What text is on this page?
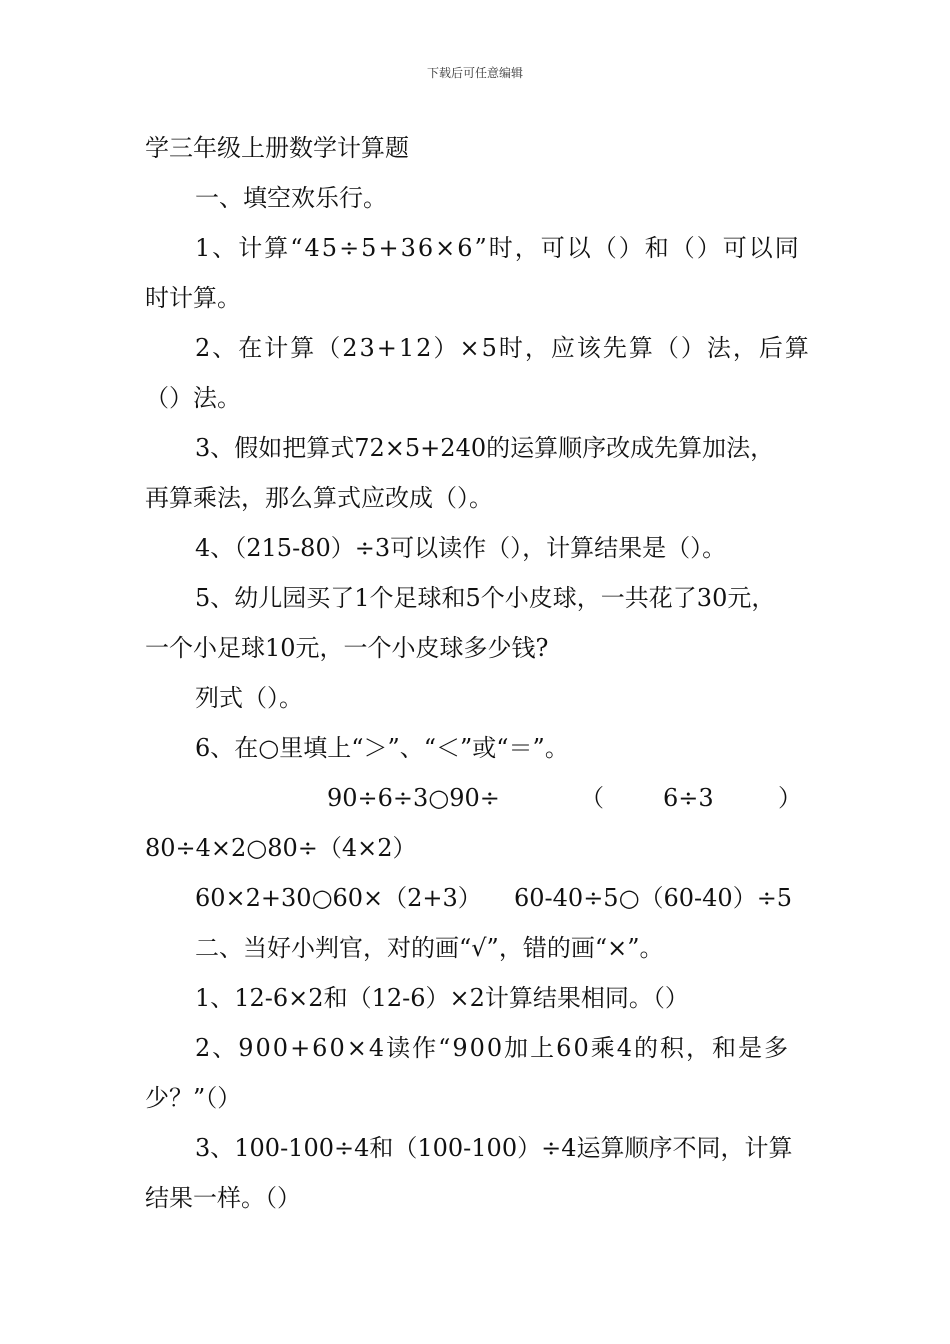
下载后可任意编辑
学三年级上册数学计算题
一、填空欢乐行。
1、计算“45÷5+36×6”时，可以（）和（）可以同
时计算。
2、在计算（23+12）×5时，应该先算（）法，后算
（）法。
3、假如把算式72×5+240的运算顺序改成先算加法，
再算乘法，那么算式应改成（）。
4、（215-80）÷3可以读作（），计算结果是（）。
5、幼儿园买了1个足球和5个小皮球，一共花了30元，
一个小足球10元，一个小皮球多少钱?
列式（）。
6、在○里填上“＞”、“＜”或“＝”。
90÷6÷3○90÷	（ 6÷3	）
80÷4×2○80÷（4×2）
60×2+30○60×（2+3） 60-40÷5○（60-40）÷5
二、当好小判官，对的画“√”，错的画“×”。
1、12-6×2和（12-6）×2计算结果相同。（）
2、900+60×4读作“900加上60乘4的积，和是多
少？”（）
3、100-100÷4和（100-100）÷4运算顺序不同，计算
结果一样。（）
